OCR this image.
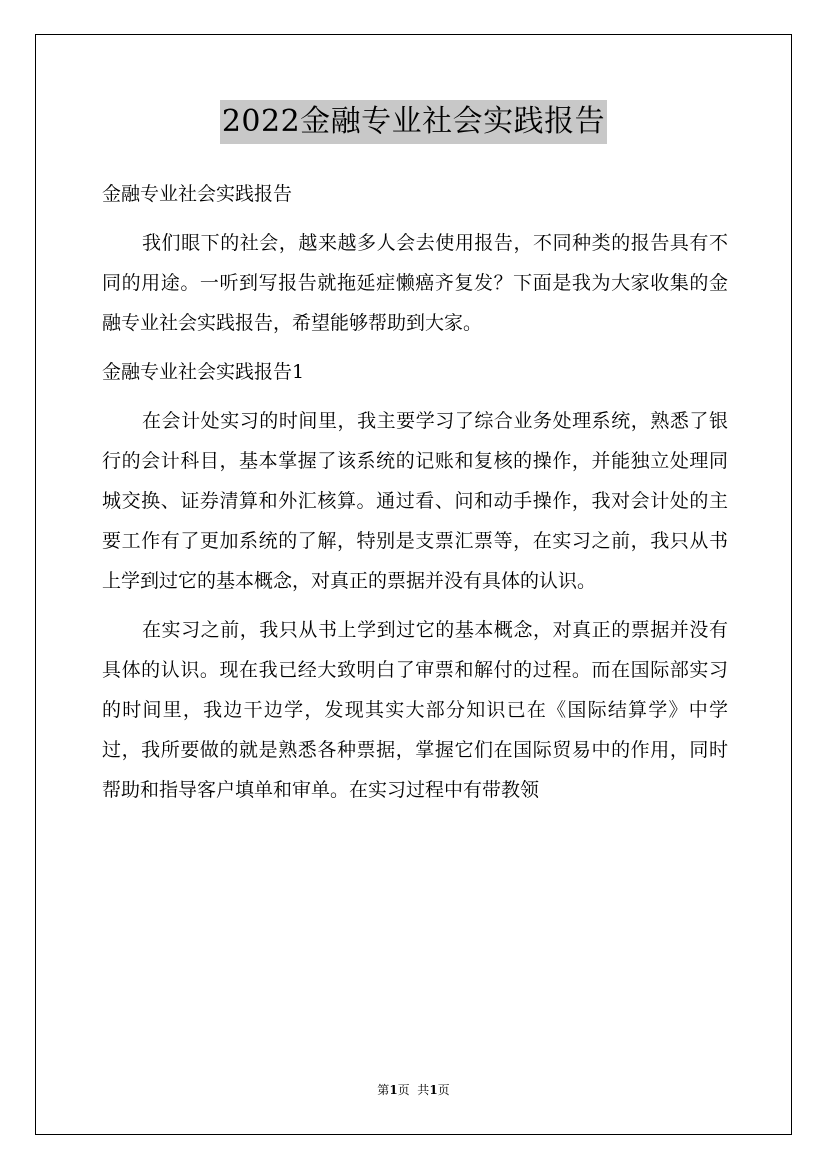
2022金融专业社会实践报告

金融专业社会实践报告

我们眼下的社会，越来越多人会去使用报告，不同种类的报告具有不同的用途。一听到写报告就拖延症懒癌齐复发？下面是我为大家收集的金融专业社会实践报告，希望能够帮助到大家。

金融专业社会实践报告1

在会计处实习的时间里，我主要学习了综合业务处理系统，熟悉了银行的会计科目，基本掌握了该系统的记账和复核的操作，并能独立处理同城交换、证券清算和外汇核算。通过看、问和动手操作，我对会计处的主要工作有了更加系统的了解，特别是支票汇票等，在实习之前，我只从书上学到过它的基本概念，对真正的票据并没有具体的认识。

在实习之前，我只从书上学到过它的基本概念，对真正的票据并没有具体的认识。现在我已经大致明白了审票和解付的过程。而在国际部实习的时间里，我边干边学，发现其实大部分知识已在《国际结算学》中学过，我所要做的就是熟悉各种票据，掌握它们在国际贸易中的作用，同时帮助和指导客户填单和审单。在实习过程中有带教领

第1页  共1页
